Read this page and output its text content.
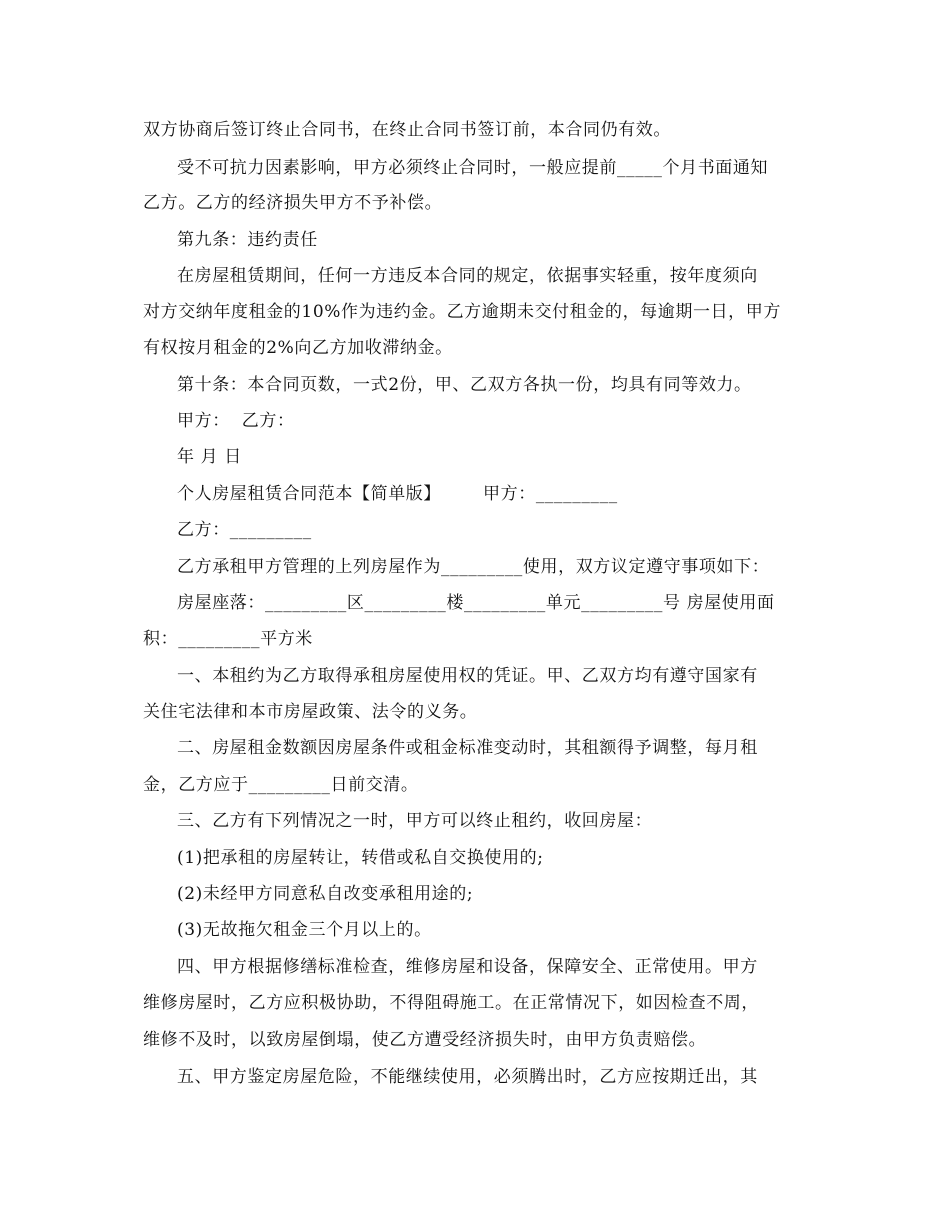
双方协商后签订终止合同书，在终止合同书签订前，本合同仍有效。
受不可抗力因素影响，甲方必须终止合同时，一般应提前_____个月书面通知
乙方。乙方的经济损失甲方不予补偿。
第九条：违约责任
在房屋租赁期间，任何一方违反本合同的规定，依据事实轻重，按年度须向
对方交纳年度租金的10%作为违约金。乙方逾期未交付租金的，每逾期一日，甲方
有权按月租金的2%向乙方加收滞纳金。
第十条：本合同页数，一式2份，甲、乙双方各执一份，均具有同等效力。
甲方：  乙方：
年 月 日
个人房屋租赁合同范本【简单版】       甲方：_________
乙方：_________
乙方承租甲方管理的上列房屋作为_________使用，双方议定遵守事项如下：
房屋座落：_________区_________楼_________单元_________号 房屋使用面
积：_________平方米
一、本租约为乙方取得承租房屋使用权的凭证。甲、乙双方均有遵守国家有
关住宅法律和本市房屋政策、法令的义务。
二、房屋租金数额因房屋条件或租金标准变动时，其租额得予调整，每月租
金，乙方应于_________日前交清。
三、乙方有下列情况之一时，甲方可以终止租约，收回房屋：
(1)把承租的房屋转让，转借或私自交换使用的;
(2)未经甲方同意私自改变承租用途的;
(3)无故拖欠租金三个月以上的。
四、甲方根据修缮标准检查，维修房屋和设备，保障安全、正常使用。甲方
维修房屋时，乙方应积极协助，不得阻碍施工。在正常情况下，如因检查不周，
维修不及时，以致房屋倒塌，使乙方遭受经济损失时，由甲方负责赔偿。
五、甲方鉴定房屋危险，不能继续使用，必须腾出时，乙方应按期迁出，其
